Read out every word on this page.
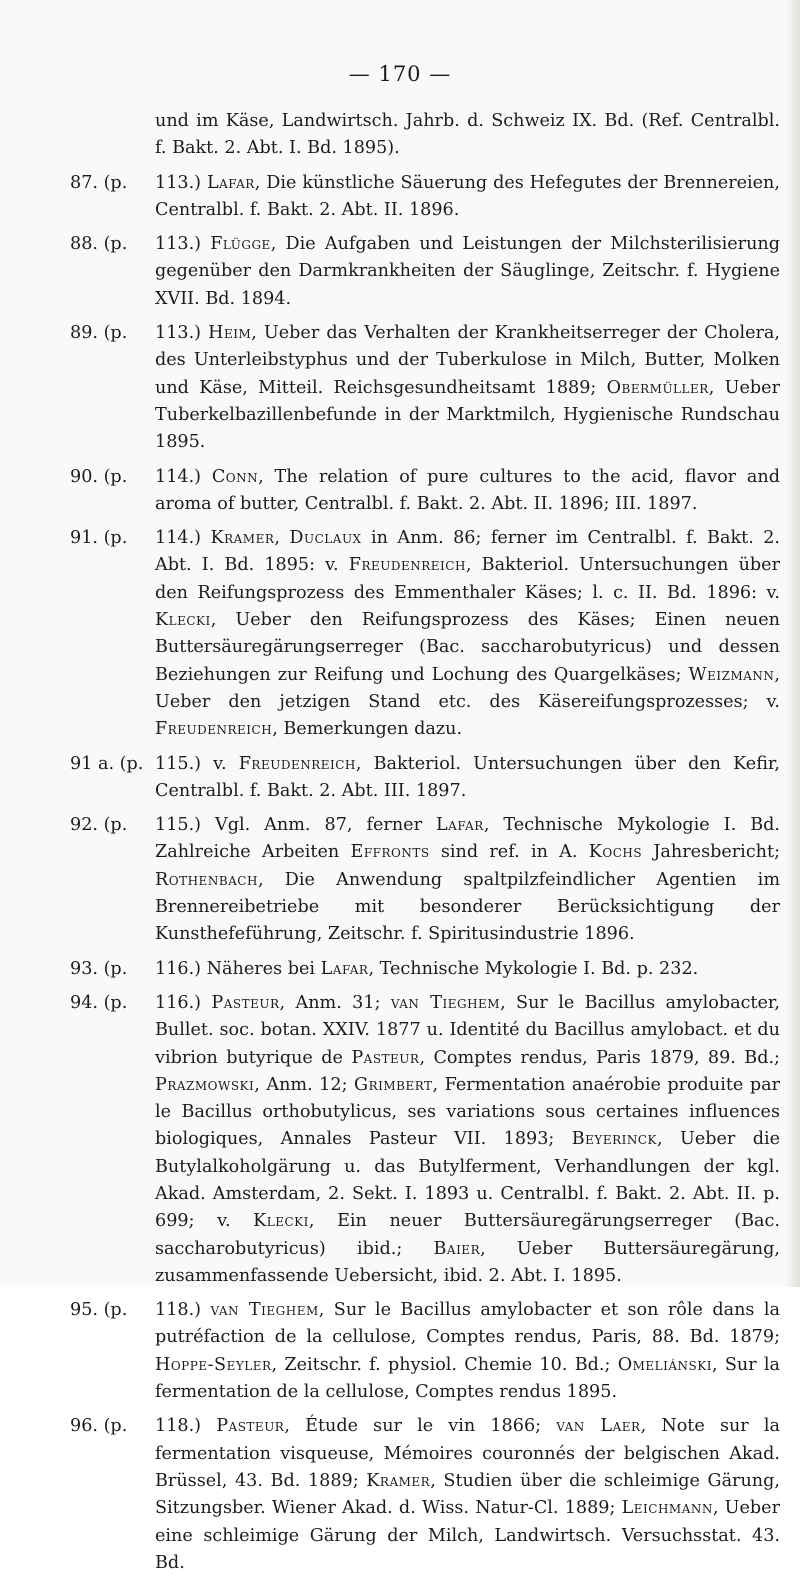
— 170 —
und im Käse, Landwirtsch. Jahrb. d. Schweiz IX. Bd. (Ref. Centralbl. f. Bakt. 2. Abt. I. Bd. 1895).
87. (p. 113.) Lafar, Die künstliche Säuerung des Hefegutes der Brennereien, Centralbl. f. Bakt. 2. Abt. II. 1896.
88. (p. 113.) Flügge, Die Aufgaben und Leistungen der Milchsterilisierung gegenüber den Darmkrankheiten der Säuglinge, Zeitschr. f. Hygiene XVII. Bd. 1894.
89. (p. 113.) Heim, Ueber das Verhalten der Krankheitserreger der Cholera, des Unterleibstyphus und der Tuberkulose in Milch, Butter, Molken und Käse, Mitteil. Reichsgesundheitsamt 1889; Obermüller, Ueber Tuberkelbazillenbefunde in der Marktmilch, Hygienische Rundschau 1895.
90. (p. 114.) Conn, The relation of pure cultures to the acid, flavor and aroma of butter, Centralbl. f. Bakt. 2. Abt. II. 1896; III. 1897.
91. (p. 114.) Kramer, Duclaux in Anm. 86; ferner im Centralbl. f. Bakt. 2. Abt. I. Bd. 1895: v. Freudenreich, Bakteriol. Untersuchungen über den Reifungsprozess des Emmenthaler Käses; l. c. II. Bd. 1896: v. Klecki, Ueber den Reifungsprozess des Käses; Einen neuen Buttersäuregärungserreger (Bac. saccharobutyricus) und dessen Beziehungen zur Reifung und Lochung des Quargelkäses; Weizmann, Ueber den jetzigen Stand etc. des Käsereifungsprozesses; v. Freudenreich, Bemerkungen dazu.
91 a. (p. 115.) v. Freudenreich, Bakteriol. Untersuchungen über den Kefir, Centralbl. f. Bakt. 2. Abt. III. 1897.
92. (p. 115.) Vgl. Anm. 87, ferner Lafar, Technische Mykologie I. Bd. Zahlreiche Arbeiten Effronts sind ref. in A. Kochs Jahresbericht; Rothenbach, Die Anwendung spaltpilzfeindlicher Agentien im Brennereibetriebe mit besonderer Berücksichtigung der Kunsthefeführung, Zeitschr. f. Spiritusindustrie 1896.
93. (p. 116.) Näheres bei Lafar, Technische Mykologie I. Bd. p. 232.
94. (p. 116.) Pasteur, Anm. 31; van Tieghem, Sur le Bacillus amylobacter, Bullet. soc. botan. XXIV. 1877 u. Identité du Bacillus amylobact. et du vibrion butyrique de Pasteur, Comptes rendus, Paris 1879, 89. Bd.; Prazmowski, Anm. 12; Grimbert, Fermentation anaérobie produite par le Bacillus orthobutylicus, ses variations sous certaines influences biologiques, Annales Pasteur VII. 1893; Beyerinck, Ueber die Butylalkoholgärung u. das Butylferment, Verhandlungen der kgl. Akad. Amsterdam, 2. Sekt. I. 1893 u. Centralbl. f. Bakt. 2. Abt. II. p. 699; v. Klecki, Ein neuer Buttersäuregärungserreger (Bac. saccharobutyricus) ibid.; Baier, Ueber Buttersäuregärung, zusammenfassende Uebersicht, ibid. 2. Abt. I. 1895.
95. (p. 118.) van Tieghem, Sur le Bacillus amylobacter et son rôle dans la putréfaction de la cellulose, Comptes rendus, Paris, 88. Bd. 1879; Hoppe-Seyler, Zeitschr. f. physiol. Chemie 10. Bd.; Omeliánski, Sur la fermentation de la cellulose, Comptes rendus 1895.
96. (p. 118.) Pasteur, Étude sur le vin 1866; van Laer, Note sur la fermentation visqueuse, Mémoires couronnés der belgischen Akad. Brüssel, 43. Bd. 1889; Kramer, Studien über die schleimige Gärung, Sitzungsber. Wiener Akad. d. Wiss. Natur-Cl. 1889; Leichmann, Ueber eine schleimige Gärung der Milch, Landwirtsch. Versuchsstat. 43. Bd.
